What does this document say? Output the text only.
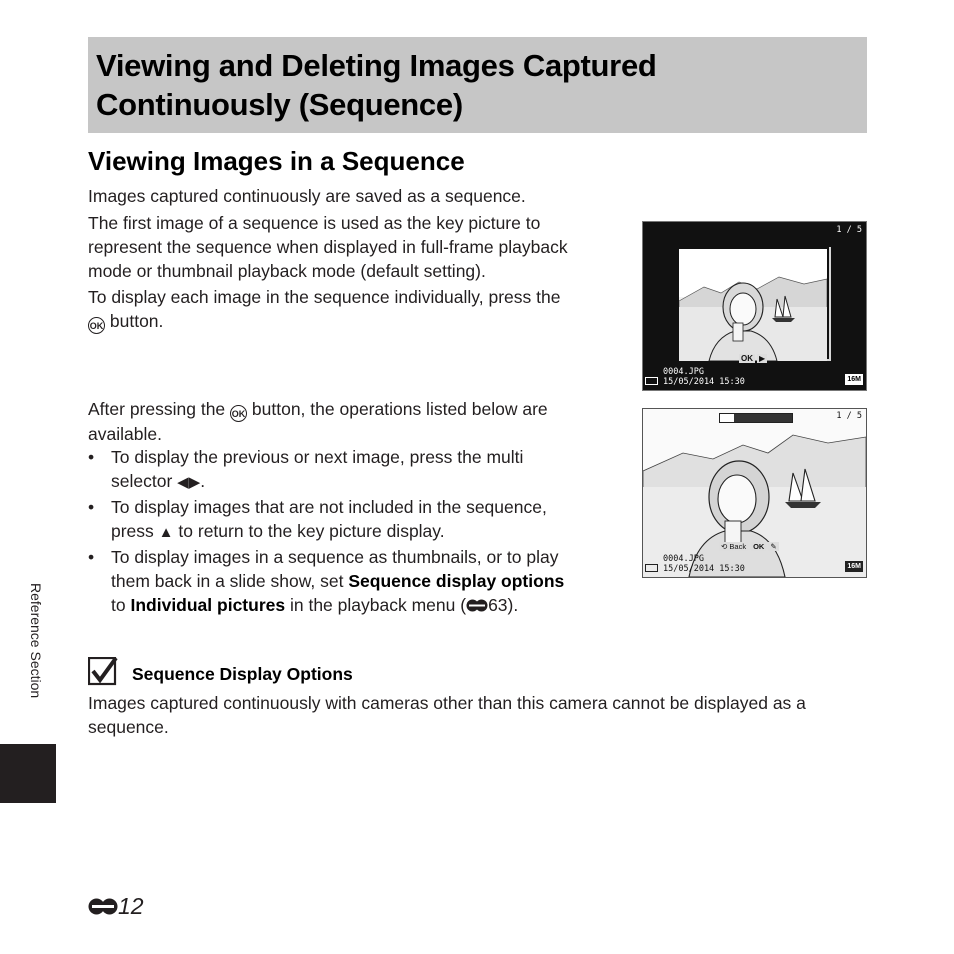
Viewing and Deleting Images Captured
Continuously (Sequence)
Viewing Images in a Sequence
Images captured continuously are saved as a sequence.
The first image of a sequence is used as the key picture to
represent the sequence when displayed in full-frame playback
mode or thumbnail playback mode (default setting).
To display each image in the sequence individually, press the
OK button.
1 / 5
OK ▶
0004.JPG
15/05/2014 15:30	16M
After pressing the OK button, the operations listed below are
available.
• To display the previous or next image, press the multi
selector ◀▶.
• To display images that are not included in the sequence,
press ▲ to return to the key picture display.
• To display images in a sequence as thumbnails, or to play
them back in a slide show, set Sequence display options
to Individual pictures in the playback menu ( 63).
1 / 5
⟲ Back OK ✎
0004.JPG
15/05/2014 15:30	16M
Sequence Display Options
Images captured continuously with cameras other than this camera cannot be displayed as a
sequence.
Reference Section
12
